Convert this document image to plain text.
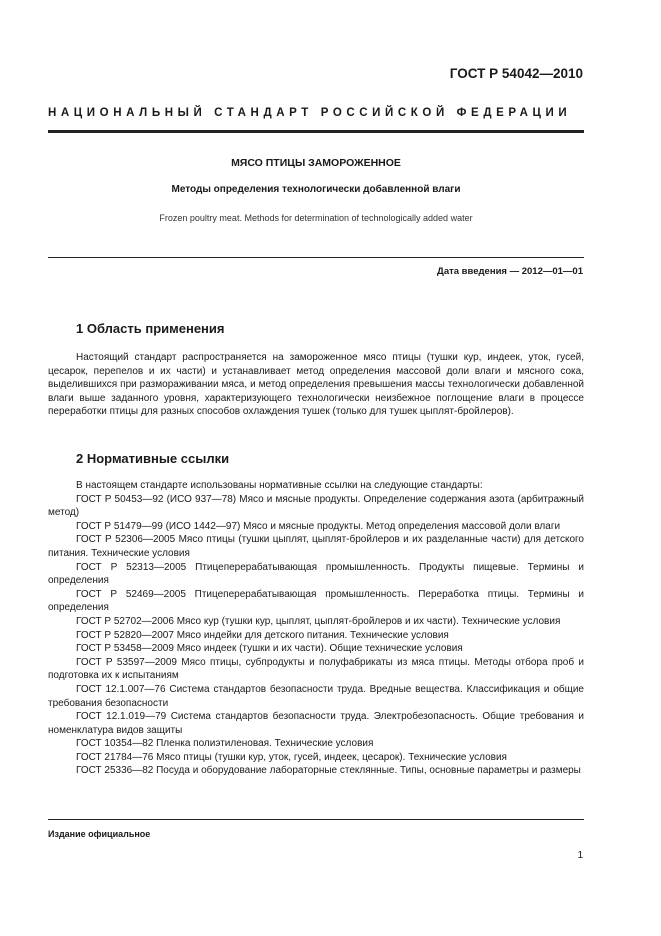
ГОСТ Р 54042—2010
НАЦИОНАЛЬНЫЙ СТАНДАРТ РОССИЙСКОЙ ФЕДЕРАЦИИ
МЯСО ПТИЦЫ ЗАМОРОЖЕННОЕ
Методы определения технологически добавленной влаги
Frozen poultry meat. Methods for determination of technologically added water
Дата введения — 2012—01—01
1 Область применения
Настоящий стандарт распространяется на замороженное мясо птицы (тушки кур, индеек, уток, гусей, цесарок, перепелов и их части) и устанавливает метод определения массовой доли влаги и мясного сока, выделившихся при размораживании мяса, и метод определения превышения массы технологически добавленной влаги выше заданного уровня, характеризующего технологически неизбежное поглощение влаги в процессе переработки птицы для разных способов охлаждения тушек (только для тушек цыплят-бройлеров).
2 Нормативные ссылки

В настоящем стандарте использованы нормативные ссылки на следующие стандарты:

ГОСТ Р 50453—92 (ИСО 937—78) Мясо и мясные продукты. Определение содержания азота (арбитражный метод)

ГОСТ Р 51479—99 (ИСО 1442—97) Мясо и мясные продукты. Метод определения массовой доли влаги

ГОСТ Р 52306—2005 Мясо птицы (тушки цыплят, цыплят-бройлеров и их разделанные части) для детского питания. Технические условия

ГОСТ Р 52313—2005 Птицеперерабатывающая промышленность. Продукты пищевые. Термины и определения

ГОСТ Р 52469—2005 Птицеперерабатывающая промышленность. Переработка птицы. Термины и определения

ГОСТ Р 52702—2006 Мясо кур (тушки кур, цыплят, цыплят-бройлеров и их части). Технические условия

ГОСТ Р 52820—2007 Мясо индейки для детского питания. Технические условия

ГОСТ Р 53458—2009 Мясо индеек (тушки и их части). Общие технические условия

ГОСТ Р 53597—2009 Мясо птицы, субпродукты и полуфабрикаты из мяса птицы. Методы отбора проб и подготовка их к испытаниям

ГОСТ 12.1.007—76 Система стандартов безопасности труда. Вредные вещества. Классификация и общие требования безопасности

ГОСТ 12.1.019—79 Система стандартов безопасности труда. Электробезопасность. Общие требования и номенклатура видов защиты

ГОСТ 10354—82 Пленка полиэтиленовая. Технические условия

ГОСТ 21784—76 Мясо птицы (тушки кур, уток, гусей, индеек, цесарок). Технические условия

ГОСТ 25336—82 Посуда и оборудование лабораторные стеклянные. Типы, основные параметры и размеры

Издание официальное
1
